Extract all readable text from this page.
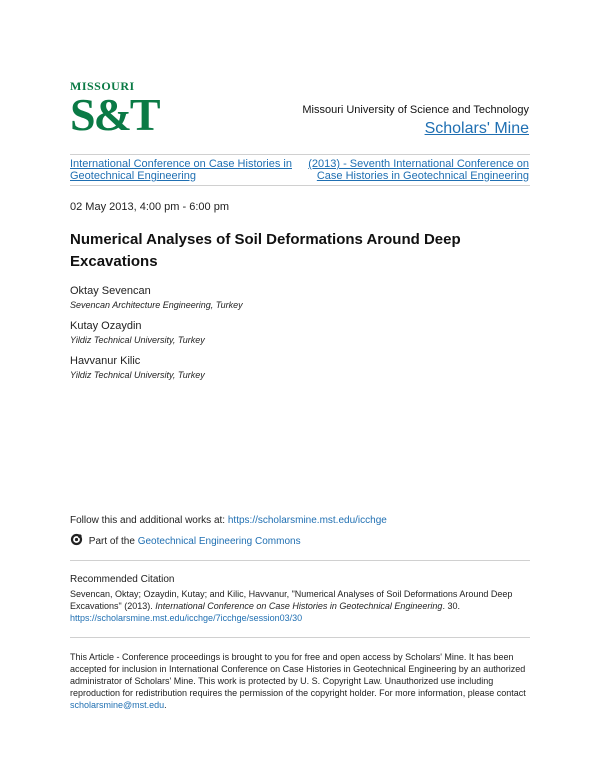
MISSOURI
S&T	Missouri University of Science and Technology
Scholars' Mine
International Conference on Case Histories in Geotechnical Engineering
(2013) - Seventh International Conference on Case Histories in Geotechnical Engineering
02 May 2013, 4:00 pm - 6:00 pm
Numerical Analyses of Soil Deformations Around Deep Excavations
Oktay Sevencan
Sevencan Architecture Engineering, Turkey
Kutay Ozaydin
Yildiz Technical University, Turkey
Havvanur Kilic
Yildiz Technical University, Turkey
Follow this and additional works at: https://scholarsmine.mst.edu/icchge
Part of the Geotechnical Engineering Commons
Recommended Citation
Sevencan, Oktay; Ozaydin, Kutay; and Kilic, Havvanur, "Numerical Analyses of Soil Deformations Around Deep Excavations" (2013). International Conference on Case Histories in Geotechnical Engineering. 30.
https://scholarsmine.mst.edu/icchge/7icchge/session03/30
This Article - Conference proceedings is brought to you for free and open access by Scholars' Mine. It has been accepted for inclusion in International Conference on Case Histories in Geotechnical Engineering by an authorized administrator of Scholars' Mine. This work is protected by U. S. Copyright Law. Unauthorized use including reproduction for redistribution requires the permission of the copyright holder. For more information, please contact scholarsmine@mst.edu.
